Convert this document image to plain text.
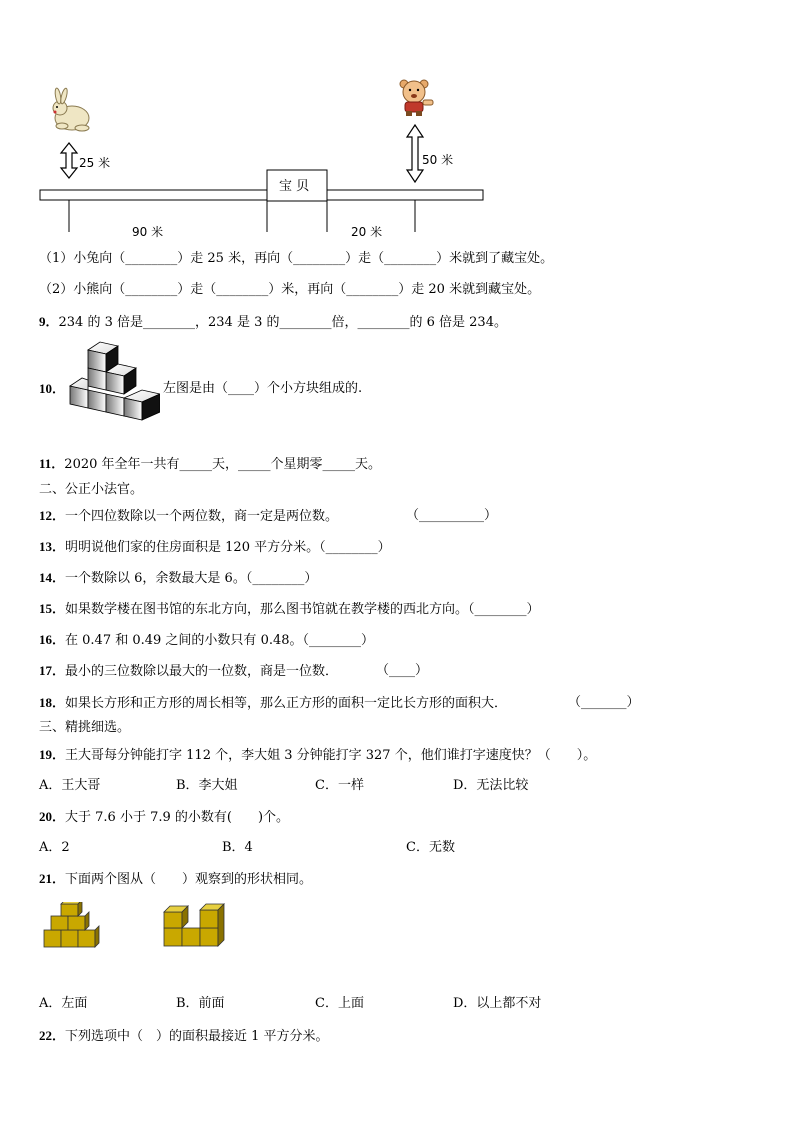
25 米	50 米
宝 贝
90 米	20 米
（1）小兔向（________）走 25 米，再向（________）走（________）米就到了藏宝处。
（2）小熊向（________）走（________）米，再向（________）走 20 米就到藏宝处。
9．234 的 3 倍是________，234 是 3 的________倍，________的 6 倍是 234。
10．	左图是由（____）个小方块组成的.
11．2020 年全年一共有_____天，_____个星期零_____天。
二、公正小法官。
12．一个四位数除以一个两位数，商一定是两位数。	（__________）
13．明明说他们家的住房面积是 120 平方分米。（________）
14．一个数除以 6，余数最大是 6。（________）
15．如果数学楼在图书馆的东北方向，那么图书馆就在教学楼的西北方向。（________）
16．在 0.47 和 0.49 之间的小数只有 0.48。（________）
17．最小的三位数除以最大的一位数，商是一位数．	（____）
18．如果长方形和正方形的周长相等，那么正方形的面积一定比长方形的面积大．	（_______）
三、精挑细选。
19．王大哥每分钟能打字 112 个，李大姐 3 分钟能打字 327 个，他们谁打字速度快？（　　）。
A．王大哥	B．李大姐	C．一样	D．无法比较
20．大于 7.6 小于 7.9 的小数有(　　)个。
A．2	B．4	C．无数
21．下面两个图从（　　）观察到的形状相同。
A．左面	B．前面	C．上面	D．以上都不对
22．下列选项中（　）的面积最接近 1 平方分米。
